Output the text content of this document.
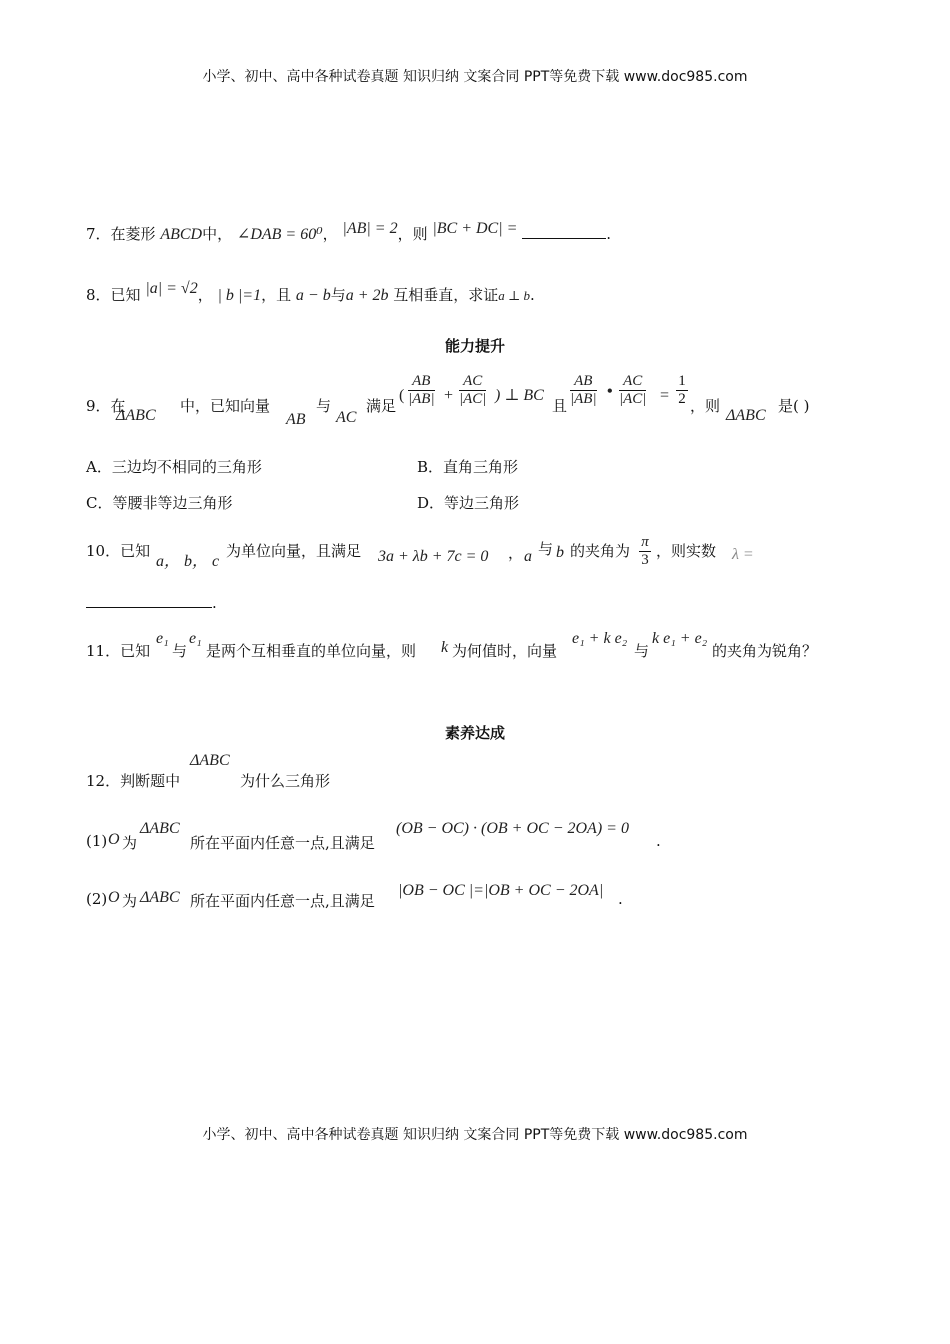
小学、初中、高中各种试卷真题 知识归纳 文案合同 PPT等免费下载 www.doc985.com
7．在菱形 ABCD中， ∠DAB = 60⁰， |AB| = 2，则 |BC + DC| =	.
8．已知 |a| = √2， | b |=1，且 a − b与a + 2b 互相垂直，求证a ⊥ b.
能力提升
9．在
ΔABC
中，已知向量
AB
与
AC
满足
( $\frac{AB}{|AB|} + \frac{AC}{|AC|}$ ) ⊥ BC
且 $\frac{AB}{|AB|}$ • $\frac{AC}{|AC|} = \frac{1}{2}$ ，则
ΔABC
是( )
A．三边均不相同的三角形	B．直角三角形
C．等腰非等边三角形	D．等边三角形
10．已知
a， b， c
为单位向量，且满足 3a + λb + 7c = 0 ， a 与 b 的夹角为 $\frac{\pi}{3}$ ，则实数 λ =
.
11．已知
e₁
与
e₁
是两个互相垂直的单位向量，则 k 为何值时，向量
e₁ + k e₂
与
k e₁ + e₂
的夹角为锐角？
素养达成
12．判断题中
ΔABC
为什么三角形
(1) O 为
ΔABC
所在平面内任意一点,且满足
(OB − OC) · (OB + OC − 2OA) = 0
.
(2) O 为 ΔABC 所在平面内任意一点,且满足
|OB − OC |=|OB + OC − 2OA| .
小学、初中、高中各种试卷真题 知识归纳 文案合同 PPT等免费下载 www.doc985.com
